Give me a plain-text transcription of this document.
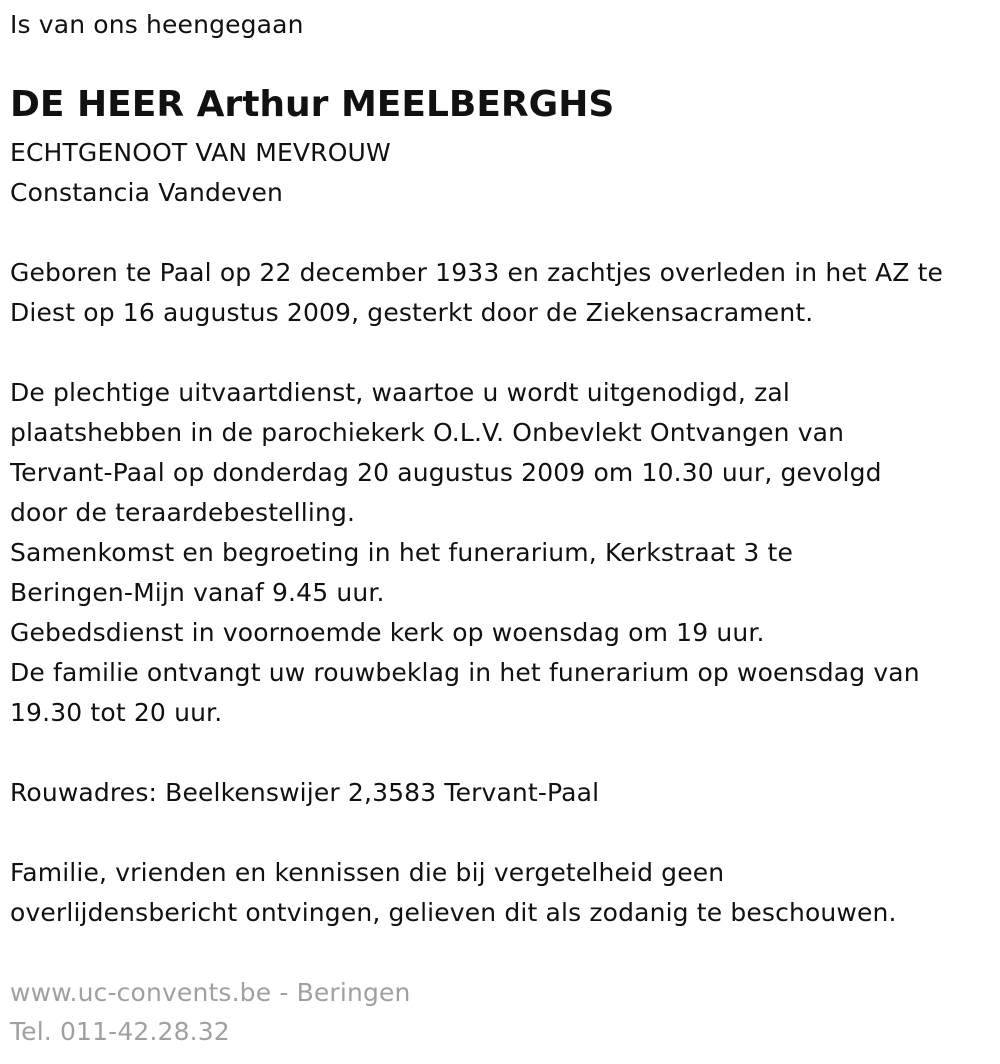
Is van ons heengegaan
DE HEER Arthur MEELBERGHS
ECHTGENOOT VAN MEVROUW
Constancia Vandeven
Geboren te Paal op 22 december 1933 en zachtjes overleden in het AZ te
Diest op 16 augustus 2009, gesterkt door de Ziekensacrament.
De plechtige uitvaartdienst, waartoe u wordt uitgenodigd, zal
plaatshebben in de parochiekerk O.L.V. Onbevlekt Ontvangen van
Tervant-Paal op donderdag 20 augustus 2009 om 10.30 uur, gevolgd
door de teraardebestelling.
Samenkomst en begroeting in het funerarium, Kerkstraat 3 te
Beringen-Mijn vanaf 9.45 uur.
Gebedsdienst in voornoemde kerk op woensdag om 19 uur.
De familie ontvangt uw rouwbeklag in het funerarium op woensdag van
19.30 tot 20 uur.
Rouwadres: Beelkenswijer 2,3583 Tervant-Paal
Familie, vrienden en kennissen die bij vergetelheid geen
overlijdensbericht ontvingen, gelieven dit als zodanig te beschouwen.
www.uc-convents.be - Beringen
Tel. 011-42.28.32
